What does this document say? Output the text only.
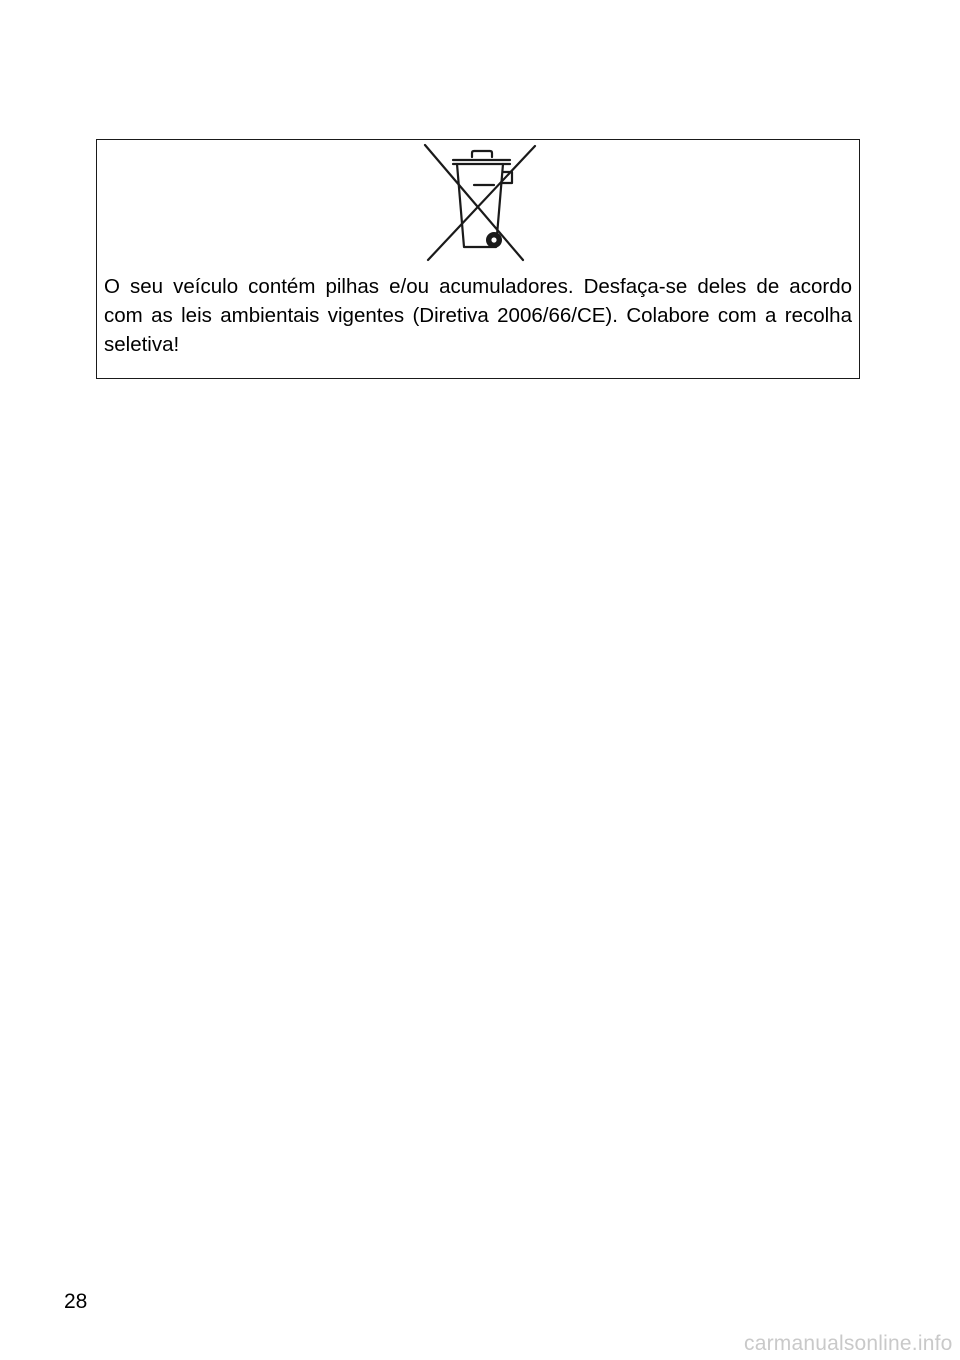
O seu veículo contém pilhas e/ou acumuladores. Desfaça-se deles de acordo com as leis ambientais vigentes (Diretiva 2006/66/CE). Colabore com a recolha seletiva!

28
carmanualsonline.info
